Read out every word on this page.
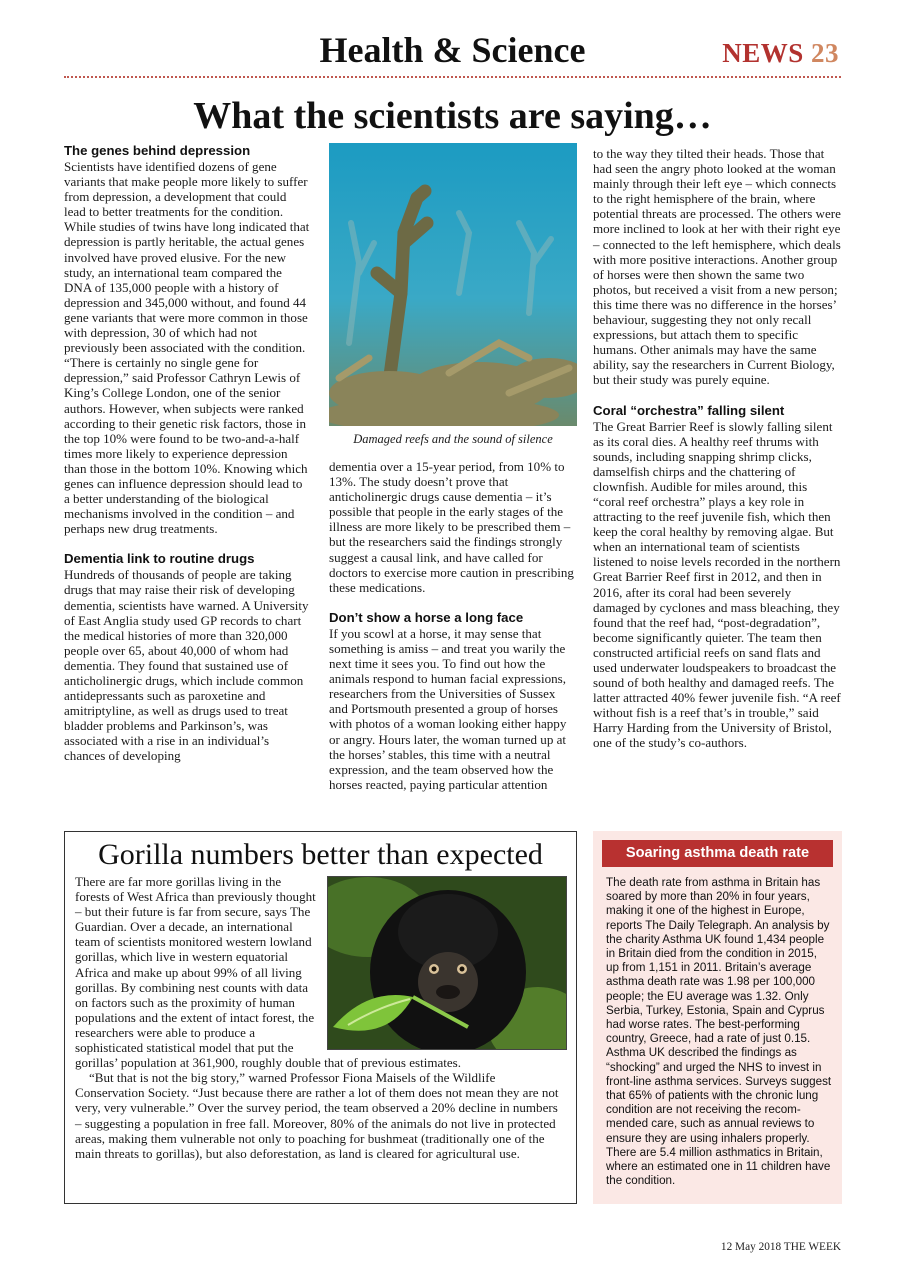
Health & Science	NEWS 23
What the scientists are saying…
The genes behind depression

Scientists have identified dozens of gene variants that make people more likely to suffer from depression, a development that could lead to better treatments for the condition. While studies of twins have long indicated that depression is partly heritable, the actual genes involved have proved elusive. For the new study, an international team compared the DNA of 135,000 people with a history of depression and 345,000 without, and found 44 gene variants that were more common in those with depression, 30 of which had not previously been associated with the condition. “There is certainly no single gene for depression,” said Professor Cathryn Lewis of King’s College London, one of the senior authors. However, when subjects were ranked according to their genetic risk factors, those in the top 10% were found to be two-and-a-half times more likely to experience depression than those in the bottom 10%. Knowing which genes can influence depression should lead to a better understanding of the biological mechanisms involved in the condition – and perhaps new drug treatments.

Dementia link to routine drugs

Hundreds of thousands of people are taking drugs that may raise their risk of developing dementia, scientists have warned. A University of East Anglia study used GP records to chart the medical histories of more than 320,000 people over 65, about 40,000 of whom had dementia. They found that sustained use of anticholinergic drugs, which include common antidepressants such as paroxetine and amitriptyline, as well as drugs used to treat bladder problems and Parkinson’s, was associated with a rise in an individual’s chances of developing

Damaged reefs and the sound of silence

dementia over a 15-year period, from 10% to 13%. The study doesn’t prove that anticholinergic drugs cause dementia – it’s possible that people in the early stages of the illness are more likely to be prescribed them – but the researchers said the findings strongly suggest a causal link, and have called for doctors to exercise more caution in prescribing these medications.

Don’t show a horse a long face

If you scowl at a horse, it may sense that something is amiss – and treat you warily the next time it sees you. To find out how the animals respond to human facial expressions, researchers from the Universities of Sussex and Portsmouth presented a group of horses with photos of a woman looking either happy or angry. Hours later, the woman turned up at the horses’ stables, this time with a neutral expression, and the team observed how the horses reacted, paying particular attention

to the way they tilted their heads. Those that had seen the angry photo looked at the woman mainly through their left eye – which connects to the right hemisphere of the brain, where potential threats are processed. The others were more inclined to look at her with their right eye – connected to the left hemisphere, which deals with more positive interactions. Another group of horses were then shown the same two photos, but received a visit from a new person; this time there was no difference in the horses’ behaviour, suggesting they not only recall expressions, but attach them to specific humans. Other animals may have the same ability, say the researchers in Current Biology, but their study was purely equine.

Coral “orchestra” falling silent

The Great Barrier Reef is slowly falling silent as its coral dies. A healthy reef thrums with sounds, including snapping shrimp clicks, damselfish chirps and the chattering of clownfish. Audible for miles around, this “coral reef orchestra” plays a key role in attracting to the reef juvenile fish, which then keep the coral healthy by removing algae. But when an international team of scientists listened to noise levels recorded in the northern Great Barrier Reef first in 2012, and then in 2016, after its coral had been severely damaged by cyclones and mass bleaching, they found that the reef had, “post-degradation”, become significantly quieter. The team then constructed artificial reefs on sand flats and used underwater loudspeakers to broadcast the sound of both healthy and damaged reefs. The latter attracted 40% fewer juvenile fish. “A reef without fish is a reef that’s in trouble,” said Harry Harding from the University of Bristol, one of the study’s co-authors.

Gorilla numbers better than expected

There are far more gorillas living in the forests of West Africa than previously thought – but their future is far from secure, says The Guardian. Over a decade, an international team of scientists monitored western lowland gorillas, which live in western equatorial Africa and make up about 99% of all living gorillas. By combining nest counts with data on factors such as the proximity of human populations and the extent of intact forest, the researchers were able to produce a sophisticated statistical model that put the gorillas’ population at 361,900, roughly double that of previous estimates.

“But that is not the big story,” warned Professor Fiona Maisels of the Wildlife Conservation Society. “Just because there are rather a lot of them does not mean they are not very, very vulnerable.” Over the survey period, the team observed a 20% decline in numbers – suggesting a population in free fall. Moreover, 80% of the animals do not live in protected areas, making them vulnerable not only to poaching for bushmeat (traditionally one of the main threats to gorillas), but also deforestation, as land is cleared for agricultural use.

Soaring asthma death rate

The death rate from asthma in Britain has soared by more than 20% in four years, making it one of the highest in Europe, reports The Daily Telegraph. An analysis by the charity Asthma UK found 1,434 people in Britain died from the condition in 2015, up from 1,151 in 2011. Britain’s average asthma death rate was 1.98 per 100,000 people; the EU average was 1.32. Only Serbia, Turkey, Estonia, Spain and Cyprus had worse rates. The best-performing country, Greece, had a rate of just 0.15. Asthma UK described the findings as “shocking” and urged the NHS to invest in front-line asthma services. Surveys suggest that 65% of patients with the chronic lung condition are not receiving the recommended care, such as annual reviews to ensure they are using inhalers properly. There are 5.4 million asthmatics in Britain, where an estimated one in 11 children have the condition.

12 May 2018 THE WEEK
